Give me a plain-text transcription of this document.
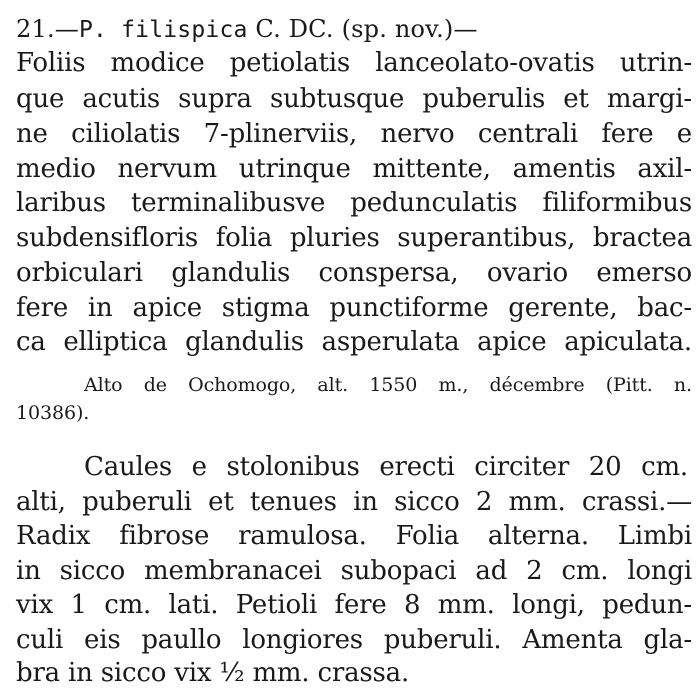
21.—P. filispica C. DC. (sp. nov.)—
Foliis modice petiolatis lanceolato-ovatis utrin-
que acutis supra subtusque puberulis et margi-
ne ciliolatis 7-plinerviis, nervo centrali fere e
medio nervum utrinque mittente, amentis axil-
laribus terminalibusve pedunculatis filiformibus
subdensifloris folia pluries superantibus, bractea
orbiculari glandulis conspersa, ovario emerso
fere in apice stigma punctiforme gerente, bac-
ca elliptica glandulis asperulata apice apiculata.
Alto de Ochomogo, alt. 1550 m., décembre (Pitt. n.
10386).
Caules e stolonibus erecti circiter 20 cm.
alti, puberuli et tenues in sicco 2 mm. crassi.—
Radix fibrose ramulosa. Folia alterna. Limbi
in sicco membranacei subopaci ad 2 cm. longi
vix 1 cm. lati. Petioli fere 8 mm. longi, pedun-
culi eis paullo longiores puberuli. Amenta gla-
bra in sicco vix ½ mm. crassa.
